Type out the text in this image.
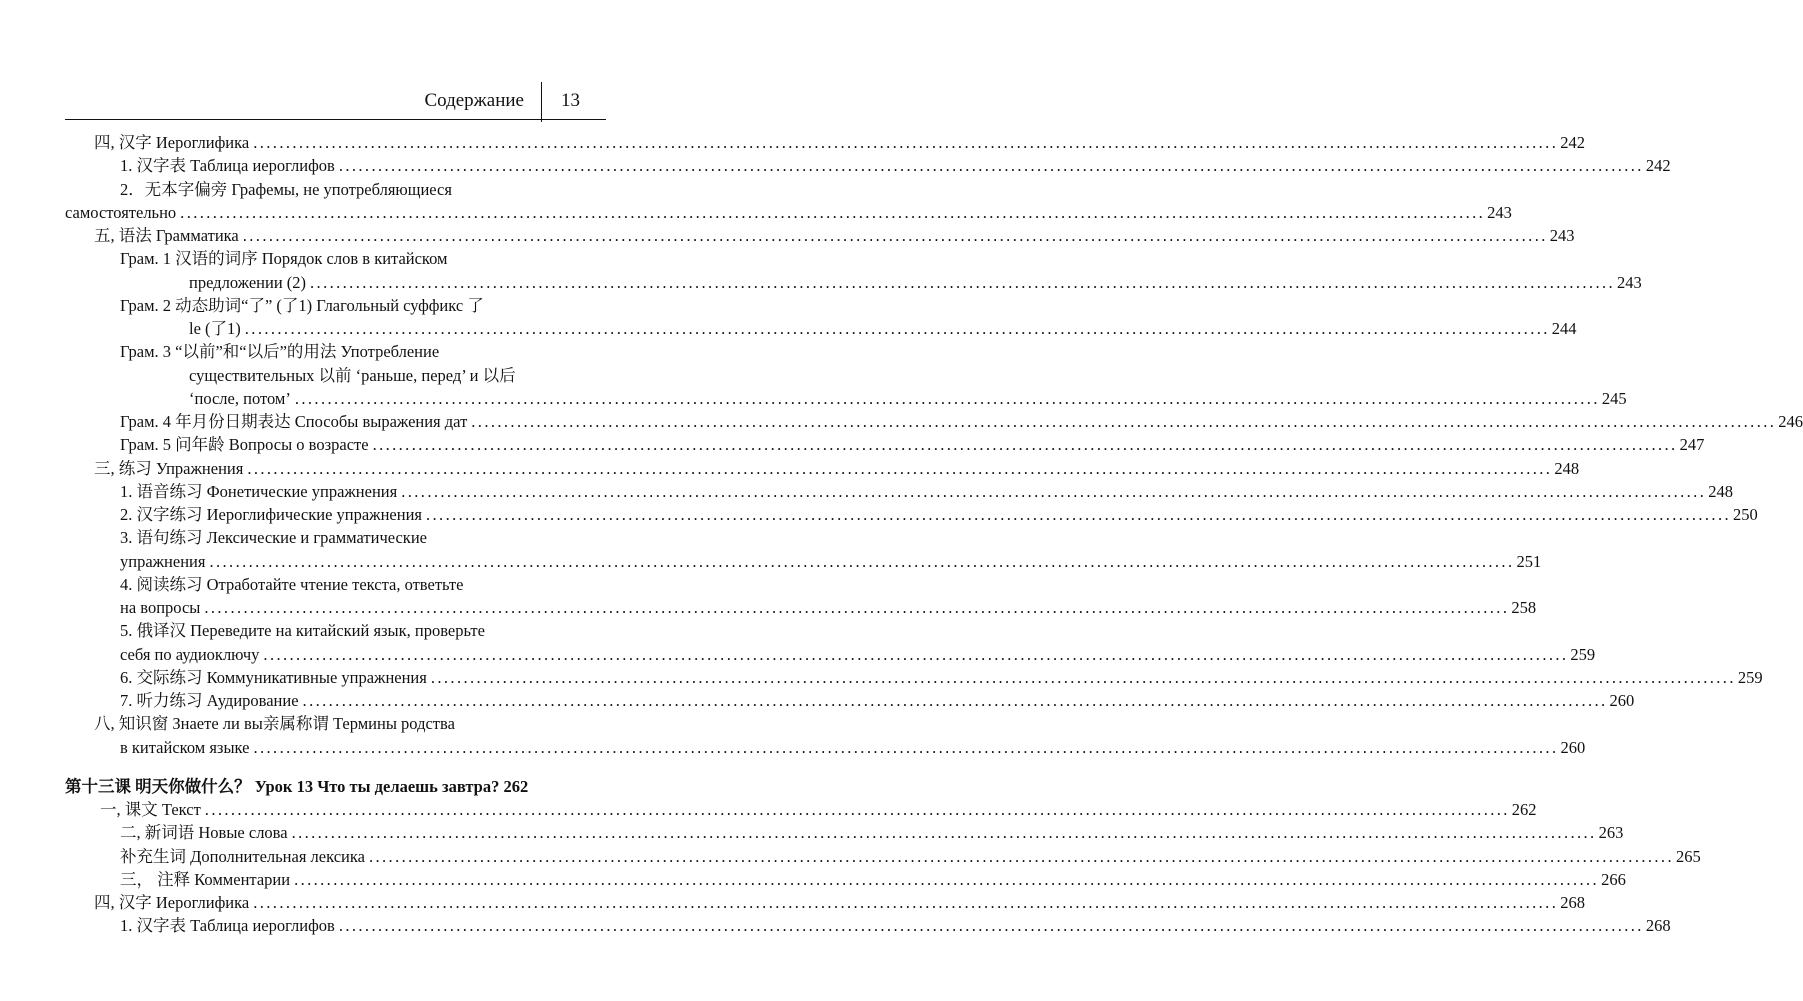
Содержание 13
四, 汉字 Иероглифика ........................................................................................................................................................................................................ 242
1. 汉字表 Таблица иероглифов ........................................................................................................................................................................................................ 242
2．无本字偏旁 Графемы, не употребляющиеся
самостоятельно ........................................................................................................................................................................................................ 243
五, 语法 Грамматика ........................................................................................................................................................................................................ 243
Грам. 1 汉语的词序 Порядок слов в китайском
предложении (2) ........................................................................................................................................................................................................ 243
Грам. 2 动态助词“了” (了1) Глагольный суффикс 了
le (了1) ........................................................................................................................................................................................................ 244
Грам. 3 “以前”和“以后”的用法 Употребление
существительных 以前 ‘раньше, перед’ и 以后
‘после, потом’ ........................................................................................................................................................................................................ 245
Грам. 4 年月份日期表达 Способы выражения дат ........................................................................................................................................................................................................ 246
Грам. 5 问年龄 Вопросы о возрасте ........................................................................................................................................................................................................ 247
三, 练习 Упражнения ........................................................................................................................................................................................................ 248
1. 语音练习 Фонетические упражнения ........................................................................................................................................................................................................ 248
2. 汉字练习 Иероглифические упражнения ........................................................................................................................................................................................................ 250
3. 语句练习 Лексические и грамматические
упражнения ........................................................................................................................................................................................................ 251
4. 阅读练习 Отработайте чтение текста, ответьте
на вопросы ........................................................................................................................................................................................................ 258
5. 俄译汉 Переведите на китайский язык, проверьте
себя по аудиоключу ........................................................................................................................................................................................................ 259
6. 交际练习 Коммуникативные упражнения ........................................................................................................................................................................................................ 259
7. 听力练习 Аудирование ........................................................................................................................................................................................................ 260
八, 知识窗 Знаете ли вы亲属称谓 Термины родства
в китайском языке ........................................................................................................................................................................................................ 260
第十三课 明天你做什么？ Урок 13 Что ты делаешь завтра? 262
一, 课文 Текст ........................................................................................................................................................................................................ 262
二, 新词语 Новые слова ........................................................................................................................................................................................................ 263
补充生词 Дополнительная лексика ........................................................................................................................................................................................................ 265
三， 注释 Комментарии ........................................................................................................................................................................................................ 266
四, 汉字 Иероглифика ........................................................................................................................................................................................................ 268
1. 汉字表 Таблица иероглифов ........................................................................................................................................................................................................ 268
